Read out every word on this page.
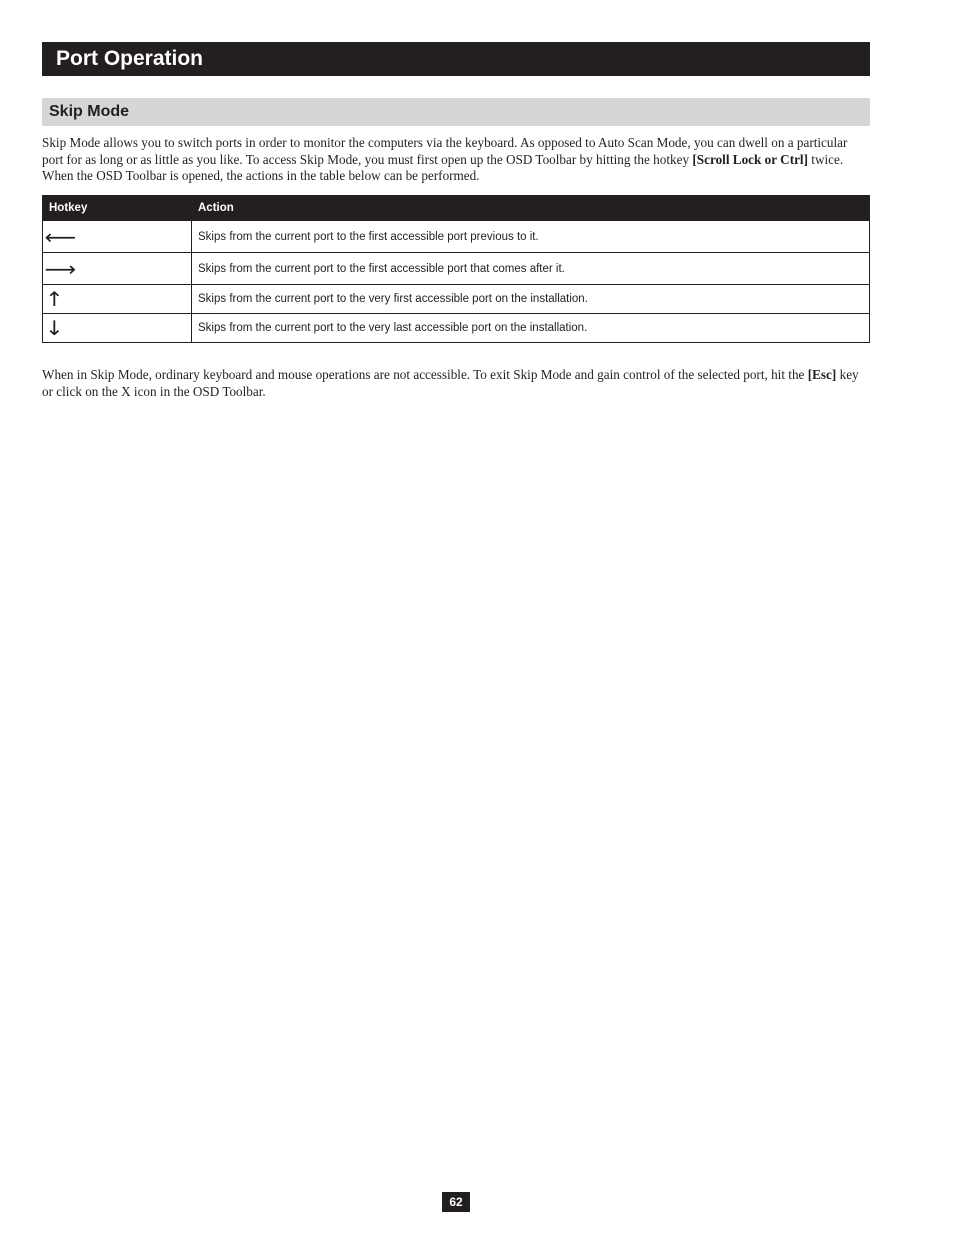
Port Operation
Skip Mode

Skip Mode allows you to switch ports in order to monitor the computers via the keyboard. As opposed to Auto Scan Mode, you can dwell on a particular port for as long or as little as you like. To access Skip Mode, you must first open up the OSD Toolbar by hitting the hotkey [Scroll Lock or Ctrl] twice. When the OSD Toolbar is opened, the actions in the table below can be performed.

Hotkey	Action
⟵	Skips from the current port to the first accessible port previous to it.
⟶	Skips from the current port to the first accessible port that comes after it.
↑	Skips from the current port to the very first accessible port on the installation.
↓	Skips from the current port to the very last accessible port on the installation.

When in Skip Mode, ordinary keyboard and mouse operations are not accessible. To exit Skip Mode and gain control of the selected port, hit the [Esc] key or click on the X icon in the OSD Toolbar.

62
